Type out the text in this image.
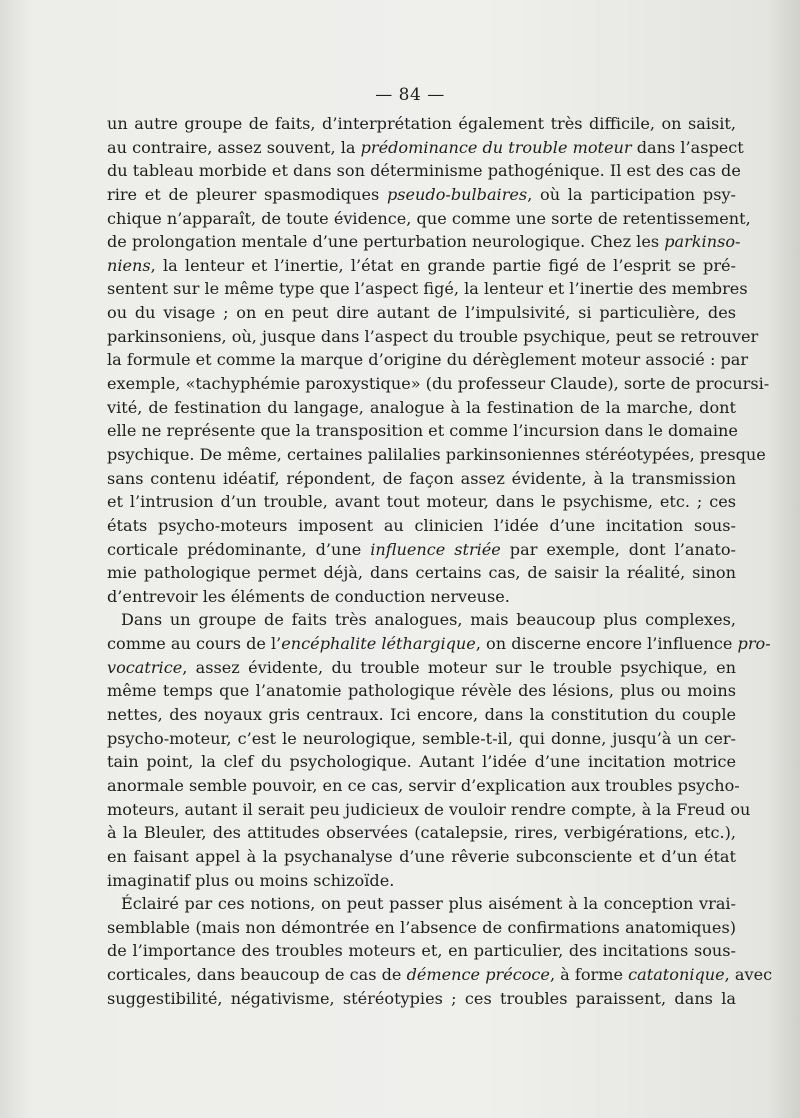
— 84 —
un autre groupe de faits, d’interprétation également très difficile, on saisit,
au contraire, assez souvent, la prédominance du trouble moteur dans l’aspect
du tableau morbide et dans son déterminisme pathogénique. Il est des cas de
rire et de pleurer spasmodiques pseudo-bulbaires, où la participation psy-
chique n’apparaît, de toute évidence, que comme une sorte de retentissement,
de prolongation mentale d’une perturbation neurologique. Chez les parkinso-
niens, la lenteur et l’inertie, l’état en grande partie figé de l’esprit se pré-
sentent sur le même type que l’aspect figé, la lenteur et l’inertie des membres
ou du visage ; on en peut dire autant de l’impulsivité, si particulière, des
parkinsoniens, où, jusque dans l’aspect du trouble psychique, peut se retrouver
la formule et comme la marque d’origine du dérèglement moteur associé : par
exemple, «tachyphémie paroxystique» (du professeur Claude), sorte de procursi-
vité, de festination du langage, analogue à la festination de la marche, dont
elle ne représente que la transposition et comme l’incursion dans le domaine
psychique. De même, certaines palilalies parkinsoniennes stéréotypées, presque
sans contenu idéatif, répondent, de façon assez évidente, à la transmission
et l’intrusion d’un trouble, avant tout moteur, dans le psychisme, etc. ; ces
états psycho-moteurs imposent au clinicien l’idée d’une incitation sous-
corticale prédominante, d’une influence striée par exemple, dont l’anato-
mie pathologique permet déjà, dans certains cas, de saisir la réalité, sinon
d’entrevoir les éléments de conduction nerveuse.
Dans un groupe de faits très analogues, mais beaucoup plus complexes,
comme au cours de l’encéphalite léthargique, on discerne encore l’influence pro-
vocatrice, assez évidente, du trouble moteur sur le trouble psychique, en
même temps que l’anatomie pathologique révèle des lésions, plus ou moins
nettes, des noyaux gris centraux. Ici encore, dans la constitution du couple
psycho-moteur, c’est le neurologique, semble-t-il, qui donne, jusqu’à un cer-
tain point, la clef du psychologique. Autant l’idée d’une incitation motrice
anormale semble pouvoir, en ce cas, servir d’explication aux troubles psycho-
moteurs, autant il serait peu judicieux de vouloir rendre compte, à la Freud ou
à la Bleuler, des attitudes observées (catalepsie, rires, verbigérations, etc.),
en faisant appel à la psychanalyse d’une rêverie subconsciente et d’un état
imaginatif plus ou moins schizoïde.
Éclairé par ces notions, on peut passer plus aisément à la conception vrai-
semblable (mais non démontrée en l’absence de confirmations anatomiques)
de l’importance des troubles moteurs et, en particulier, des incitations sous-
corticales, dans beaucoup de cas de démence précoce, à forme catatonique, avec
suggestibilité, négativisme, stéréotypies ; ces troubles paraissent, dans la
